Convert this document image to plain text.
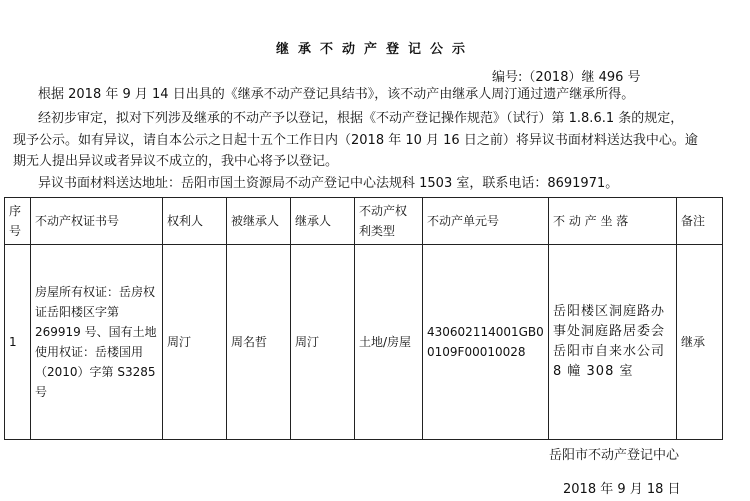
继承不动产登记公示
编号:（2018）继 496 号
根据 2018 年 9 月 14 日出具的《继承不动产登记具结书》，该不动产由继承人周汀通过遗产继承所得。
经初步审定，拟对下列涉及继承的不动产予以登记，根据《不动产登记操作规范》（试行）第 1.8.6.1 条的规定，
现予公示。如有异议，请自本公示之日起十五个工作日内（2018 年 10 月 16 日之前）将异议书面材料送达我中心。逾
期无人提出异议或者异议不成立的，我中心将予以登记。
异议书面材料送达地址：岳阳市国土资源局不动产登记中心法规科 1503 室，联系电话：8691971。
序号	不动产权证书号	权利人	被继承人	继承人	不动产权利类型	不动产单元号	不 动 产 坐 落	备注
1	房屋所有权证：岳房权证岳阳楼区字第 269919 号、国有土地使用权证：岳楼国用（2010）字第 S3285 号	周汀	周名哲	周汀	土地/房屋	430602114001GB00109F00010028	岳阳楼区洞庭路办事处洞庭路居委会岳阳市自来水公司 8 幢 308 室	继承
岳阳市不动产登记中心
2018 年 9 月 18 日
